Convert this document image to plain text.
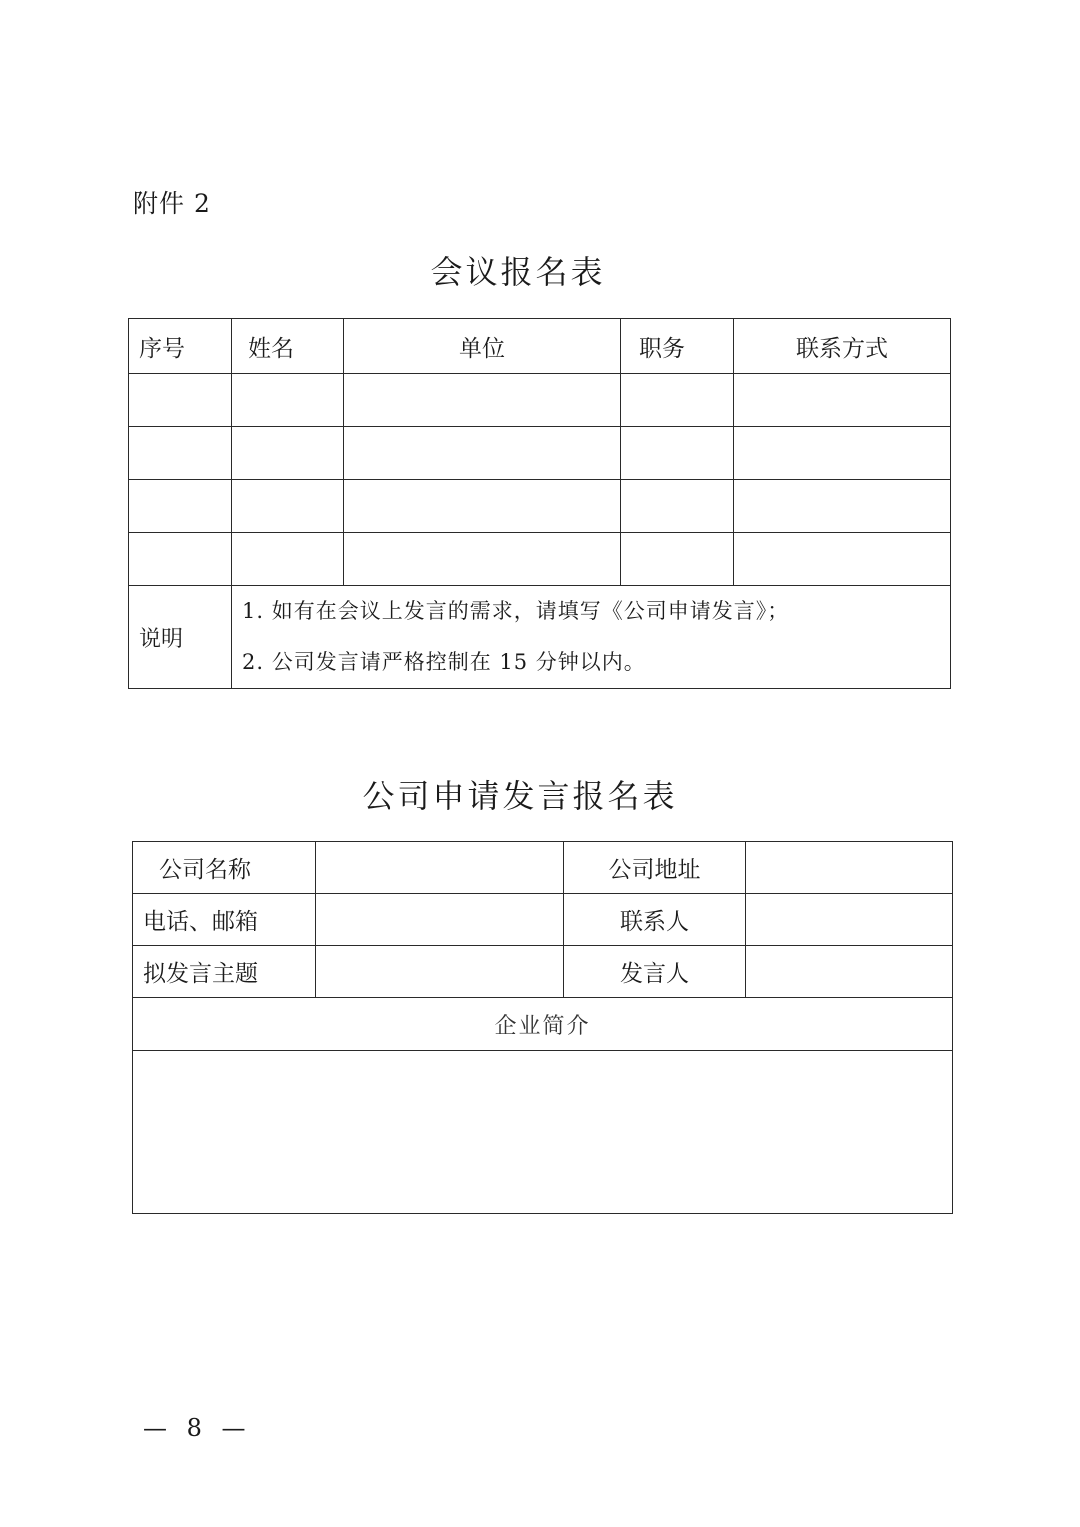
附件 2
会议报名表
序号	姓名	单位	职务	联系方式

说明	1. 如有在会议上发言的需求，请填写《公司申请发言》；
2. 公司发言请严格控制在 15 分钟以内。			
公司申请发言报名表
公司名称		公司地址	
电话、邮箱		联系人	
拟发言主题		发言人	
企业简介			

— 8 —
